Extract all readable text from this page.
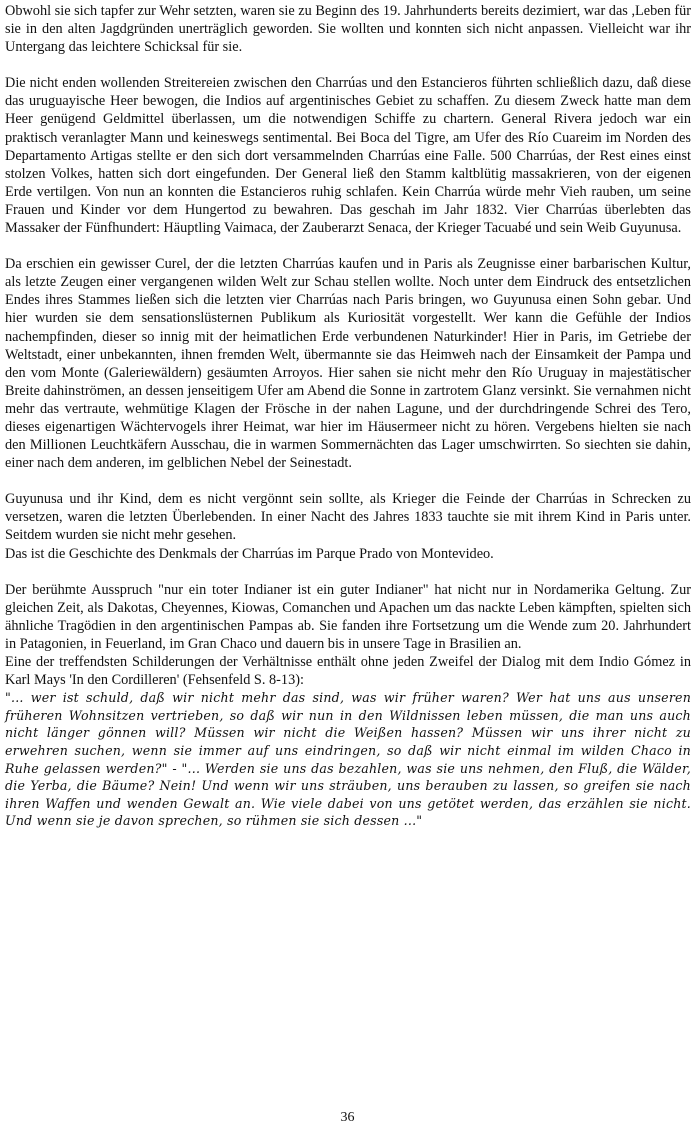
Obwohl sie sich tapfer zur Wehr setzten, waren sie zu Beginn des 19. Jahrhunderts bereits dezimiert, war das ,Leben für sie in den alten Jagdgründen unerträglich geworden. Sie wollten und konnten sich nicht anpassen. Vielleicht war ihr Untergang das leichtere Schicksal für sie.

Die nicht enden wollenden Streitereien zwischen den Charrúas und den Estancieros führten schließlich dazu, daß diese das uruguayische Heer bewogen, die Indios auf argentinisches Gebiet zu schaffen. Zu diesem Zweck hatte man dem Heer genügend Geldmittel überlassen, um die notwendigen Schiffe zu chartern. General Rivera jedoch war ein praktisch veranlagter Mann und keineswegs sentimental. Bei Boca del Tigre, am Ufer des Río Cuareim im Norden des Departamento Artigas stellte er den sich dort versammelnden Charrúas eine Falle. 500 Charrúas, der Rest eines einst stolzen Volkes, hatten sich dort eingefunden. Der General ließ den Stamm kaltblütig massakrieren, von der eigenen Erde vertilgen. Von nun an konnten die Estancieros ruhig schlafen. Kein Charrúa würde mehr Vieh rauben, um seine Frauen und Kinder vor dem Hungertod zu bewahren. Das geschah im Jahr 1832. Vier Charrúas überlebten das Massaker der Fünfhundert: Häuptling Vaimaca, der Zauberarzt Senaca, der Krieger Tacuabé und sein Weib Guyunusa.

Da erschien ein gewisser Curel, der die letzten Charrúas kaufen und in Paris als Zeugnisse einer barbarischen Kultur, als letzte Zeugen einer vergangenen wilden Welt zur Schau stellen wollte. Noch unter dem Eindruck des entsetzlichen Endes ihres Stammes ließen sich die letzten vier Charrúas nach Paris bringen, wo Guyunusa einen Sohn gebar. Und hier wurden sie dem sensationslüsternen Publikum als Kuriosität vorgestellt. Wer kann die Gefühle der Indios nachempfinden, dieser so innig mit der heimatlichen Erde verbundenen Naturkinder! Hier in Paris, im Getriebe der Weltstadt, einer unbekannten, ihnen fremden Welt, übermannte sie das Heimweh nach der Einsamkeit der Pampa und den vom Monte (Galeriewäldern) gesäumten Arroyos. Hier sahen sie nicht mehr den Río Uruguay in majestätischer Breite dahinströmen, an dessen jenseitigem Ufer am Abend die Sonne in zartrotem Glanz versinkt. Sie vernahmen nicht mehr das vertraute, wehmütige Klagen der Frösche in der nahen Lagune, und der durchdringende Schrei des Tero, dieses eigenartigen Wächtervogels ihrer Heimat, war hier im Häusermeer nicht zu hören. Vergebens hielten sie nach den Millionen Leuchtkäfern Ausschau, die in warmen Sommernächten das Lager umschwirrten. So siechten sie dahin, einer nach dem anderen, im gelblichen Nebel der Seinestadt.

Guyunusa und ihr Kind, dem es nicht vergönnt sein sollte, als Krieger die Feinde der Charrúas in Schrecken zu versetzen, waren die letzten Überlebenden. In einer Nacht des Jahres 1833 tauchte sie mit ihrem Kind in Paris unter. Seitdem wurden sie nicht mehr gesehen.

Das ist die Geschichte des Denkmals der Charrúas im Parque Prado von Montevideo.

Der berühmte Ausspruch "nur ein toter Indianer ist ein guter Indianer" hat nicht nur in Nordamerika Geltung. Zur gleichen Zeit, als Dakotas, Cheyennes, Kiowas, Comanchen und Apachen um das nackte Leben kämpften, spielten sich ähnliche Tragödien in den argentinischen Pampas ab. Sie fanden ihre Fortsetzung um die Wende zum 20. Jahrhundert in Patagonien, in Feuerland, im Gran Chaco und dauern bis in unsere Tage in Brasilien an.

Eine der treffendsten Schilderungen der Verhältnisse enthält ohne jeden Zweifel der Dialog mit dem Indio Gómez in Karl Mays 'In den Cordilleren' (Fehsenfeld S. 8-13):

"... wer ist schuld, daß wir nicht mehr das sind, was wir früher waren? Wer hat uns aus unseren früheren Wohnsitzen vertrieben, so daß wir nun in den Wildnissen leben müssen, die man uns auch nicht länger gönnen will? Müssen wir nicht die Weißen hassen? Müssen wir uns ihrer nicht zu erwehren suchen, wenn sie immer auf uns eindringen, so daß wir nicht einmal im wilden Chaco in Ruhe gelassen werden?" - "... Werden sie uns das bezahlen, was sie uns nehmen, den Fluß, die Wälder, die Yerba, die Bäume? Nein! Und wenn wir uns sträuben, uns berauben zu lassen, so greifen sie nach ihren Waffen und wenden Gewalt an. Wie viele dabei von uns getötet werden, das erzählen sie nicht. Und wenn sie je davon sprechen, so rühmen sie sich dessen ..."

36
